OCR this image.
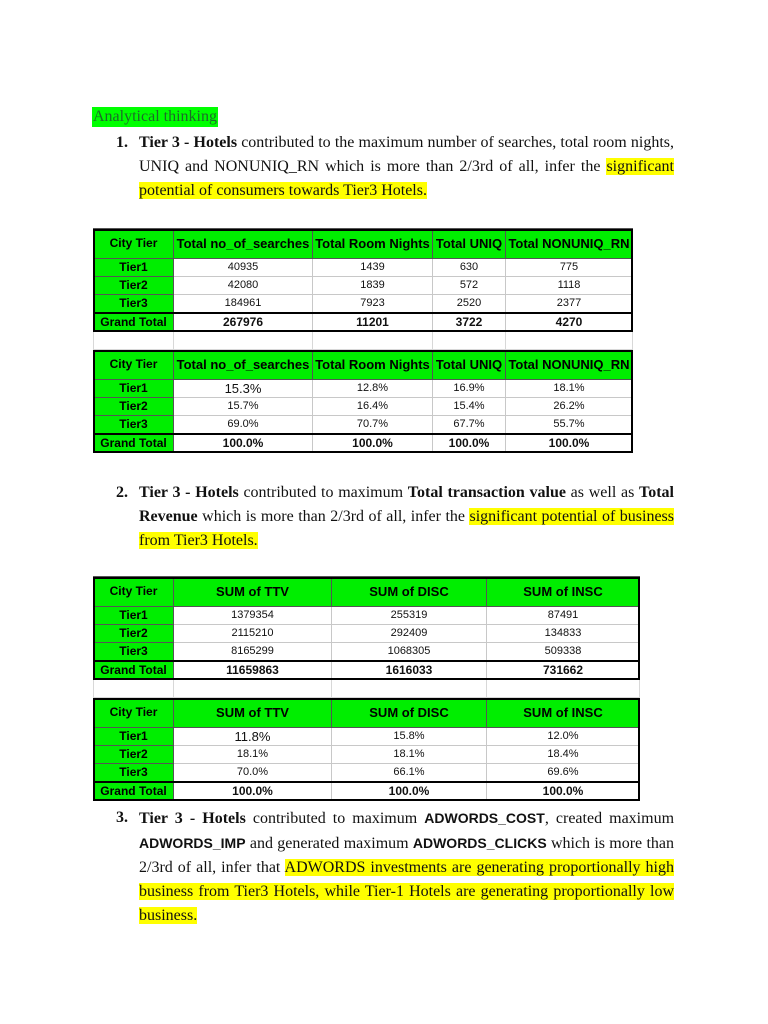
Analytical thinking
1. Tier 3 - Hotels contributed to the maximum number of searches, total room nights, UNIQ and NONUNIQ_RN which is more than 2/3rd of all, infer the significant potential of consumers towards Tier3 Hotels.
City Tier	Total no_of_searches	Total Room Nights	Total UNIQ	Total NONUNIQ_RN
Tier1	40935	1439	630	775
Tier2	42080	1839	572	1118
Tier3	184961	7923	2520	2377
Grand Total	267976	11201	3722	4270

City Tier	Total no_of_searches	Total Room Nights	Total UNIQ	Total NONUNIQ_RN
Tier1	15.3%	12.8%	16.9%	18.1%
Tier2	15.7%	16.4%	15.4%	26.2%
Tier3	69.0%	70.7%	67.7%	55.7%
Grand Total	100.0%	100.0%	100.0%	100.0%
2. Tier 3 - Hotels contributed to maximum Total transaction value as well as Total Revenue which is more than 2/3rd of all, infer the significant potential of business from Tier3 Hotels.
City Tier	SUM of TTV	SUM of DISC	SUM of INSC
Tier1	1379354	255319	87491
Tier2	2115210	292409	134833
Tier3	8165299	1068305	509338
Grand Total	11659863	1616033	731662

City Tier	SUM of TTV	SUM of DISC	SUM of INSC
Tier1	11.8%	15.8%	12.0%
Tier2	18.1%	18.1%	18.4%
Tier3	70.0%	66.1%	69.6%
Grand Total	100.0%	100.0%	100.0%
3. Tier 3 - Hotels contributed to maximum ADWORDS_COST, created maximum ADWORDS_IMP and generated maximum ADWORDS_CLICKS which is more than 2/3rd of all, infer that ADWORDS investments are generating proportionally high business from Tier3 Hotels, while Tier-1 Hotels are generating proportionally low business.
